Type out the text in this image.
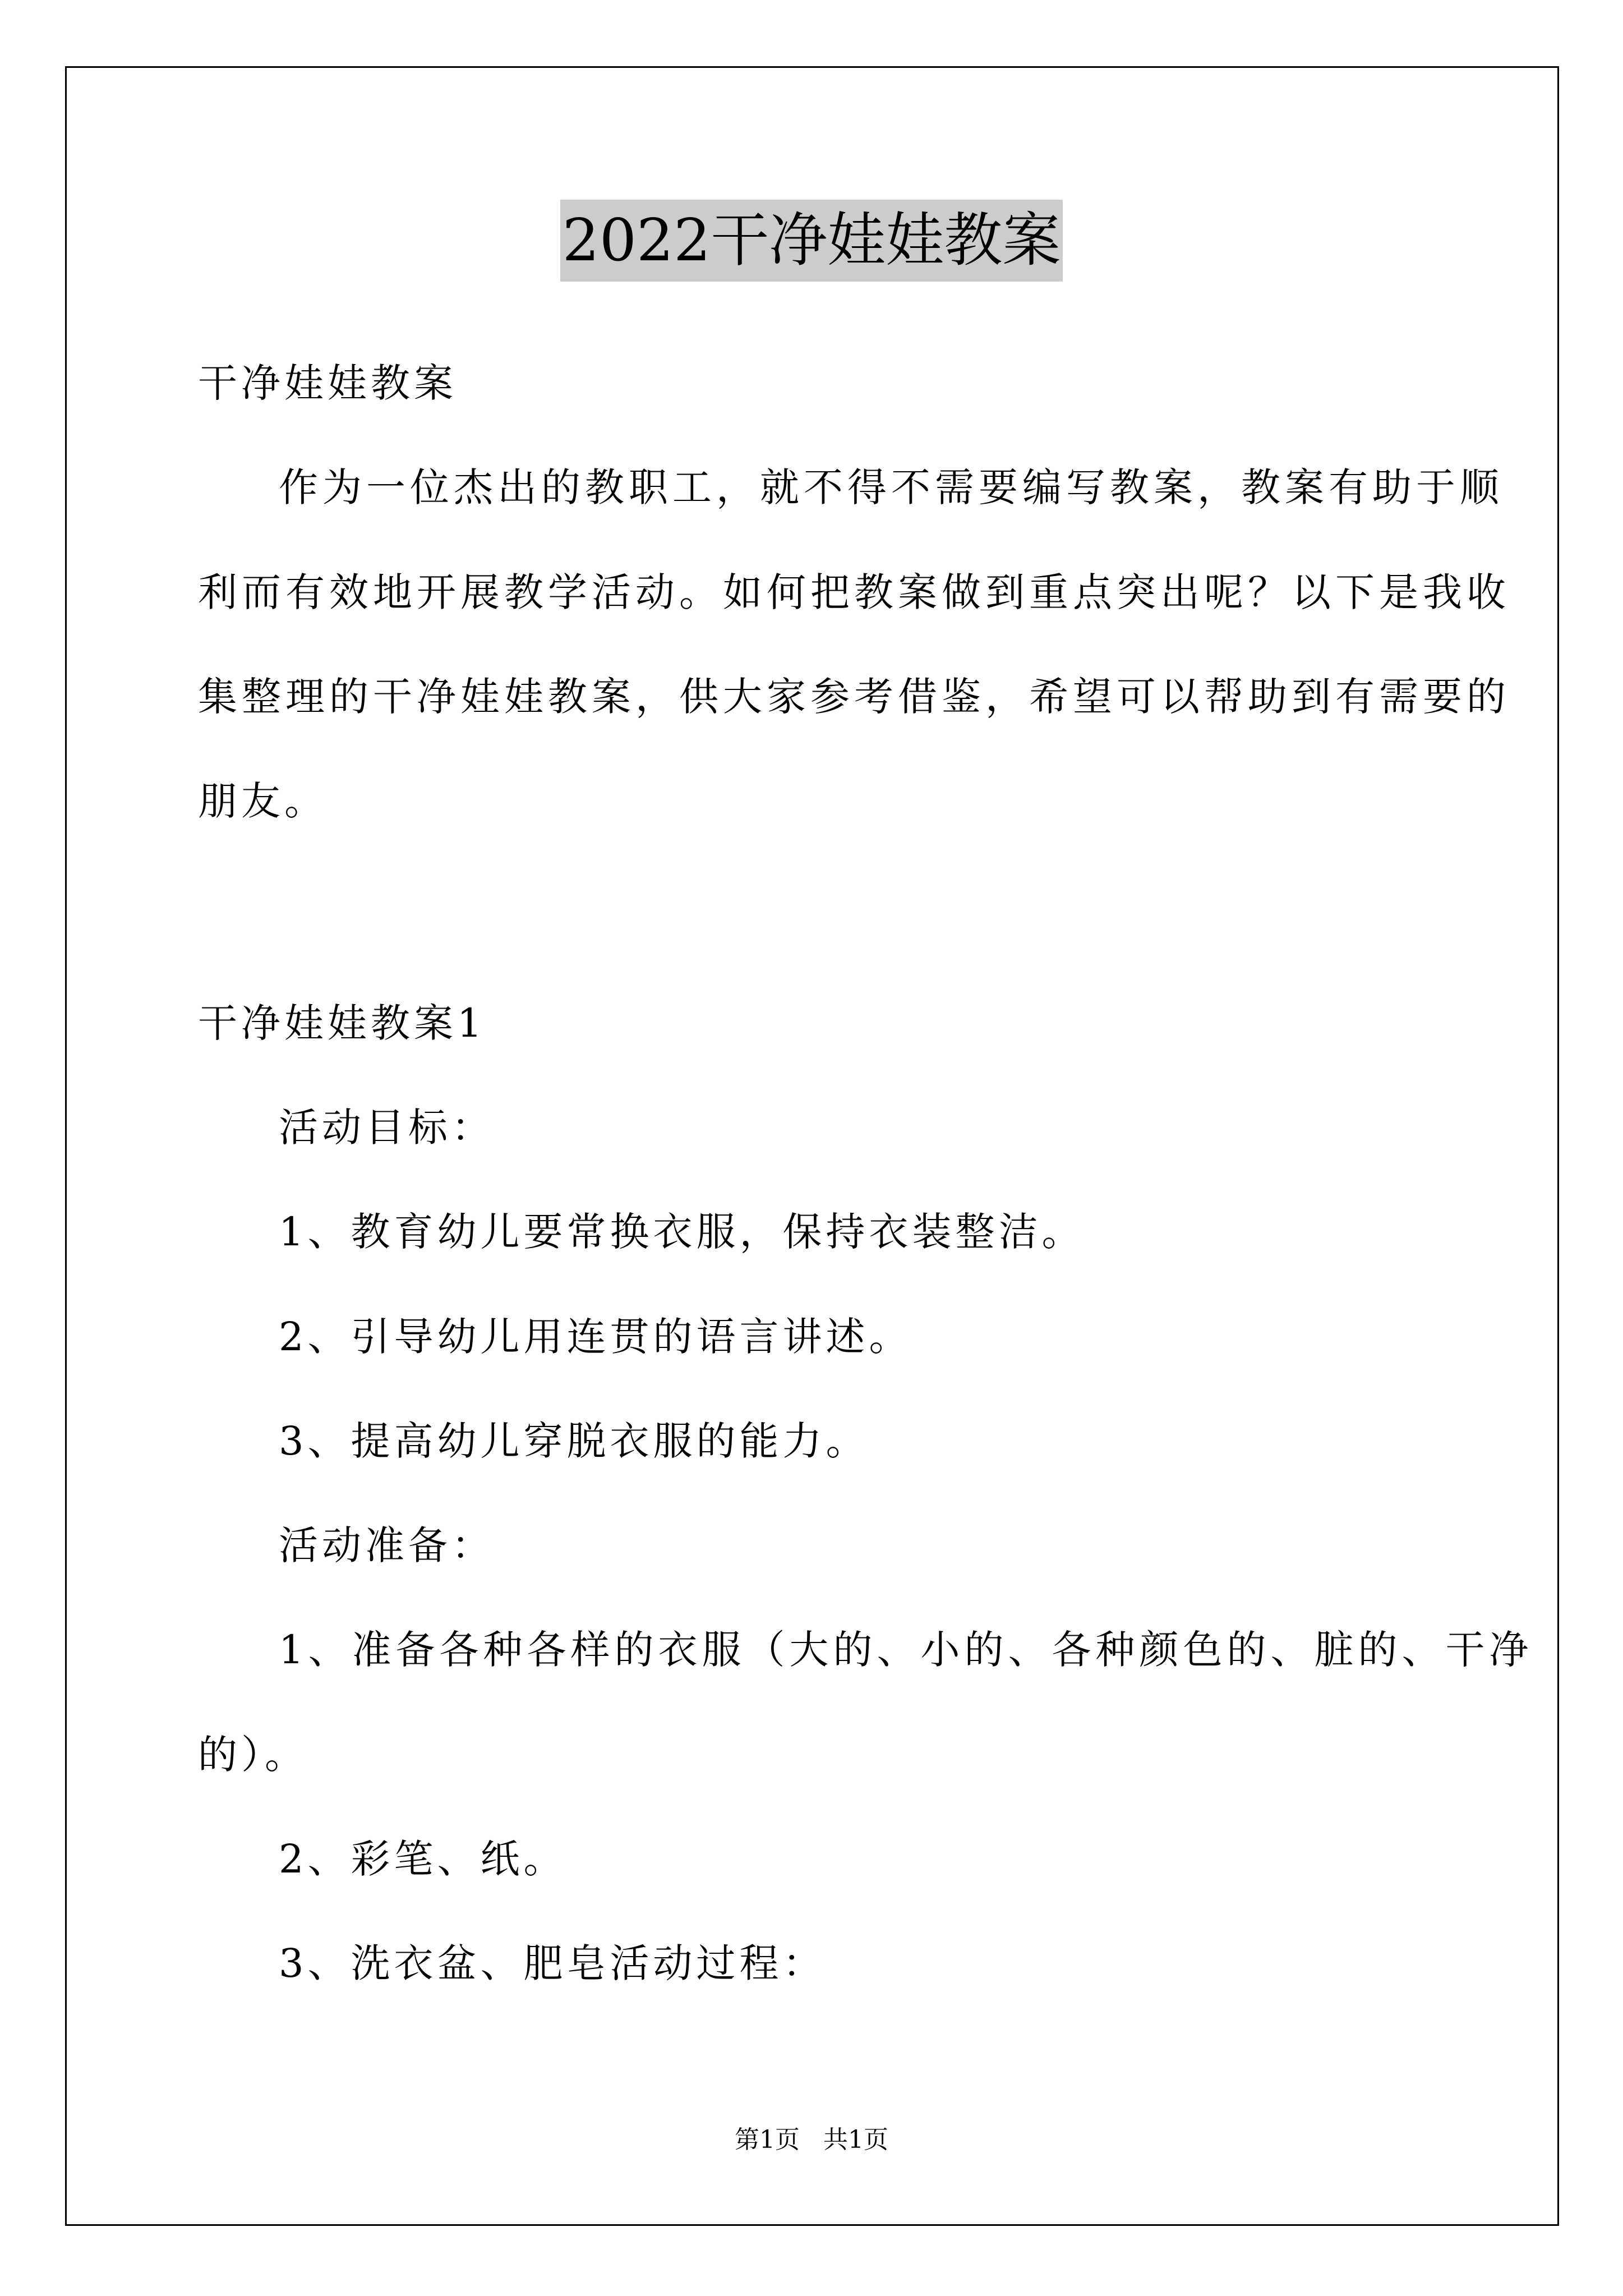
2022干净娃娃教案
干净娃娃教案
作为一位杰出的教职工，就不得不需要编写教案，教案有助于顺
利而有效地开展教学活动。如何把教案做到重点突出呢？以下是我收
集整理的干净娃娃教案，供大家参考借鉴，希望可以帮助到有需要的
朋友。
干净娃娃教案1
活动目标：
1、教育幼儿要常换衣服，保持衣装整洁。
2、引导幼儿用连贯的语言讲述。
3、提高幼儿穿脱衣服的能力。
活动准备：
1、准备各种各样的衣服（大的、小的、各种颜色的、脏的、干净
的）。
2、彩笔、纸。
3、洗衣盆、肥皂活动过程：
第1页   共1页
